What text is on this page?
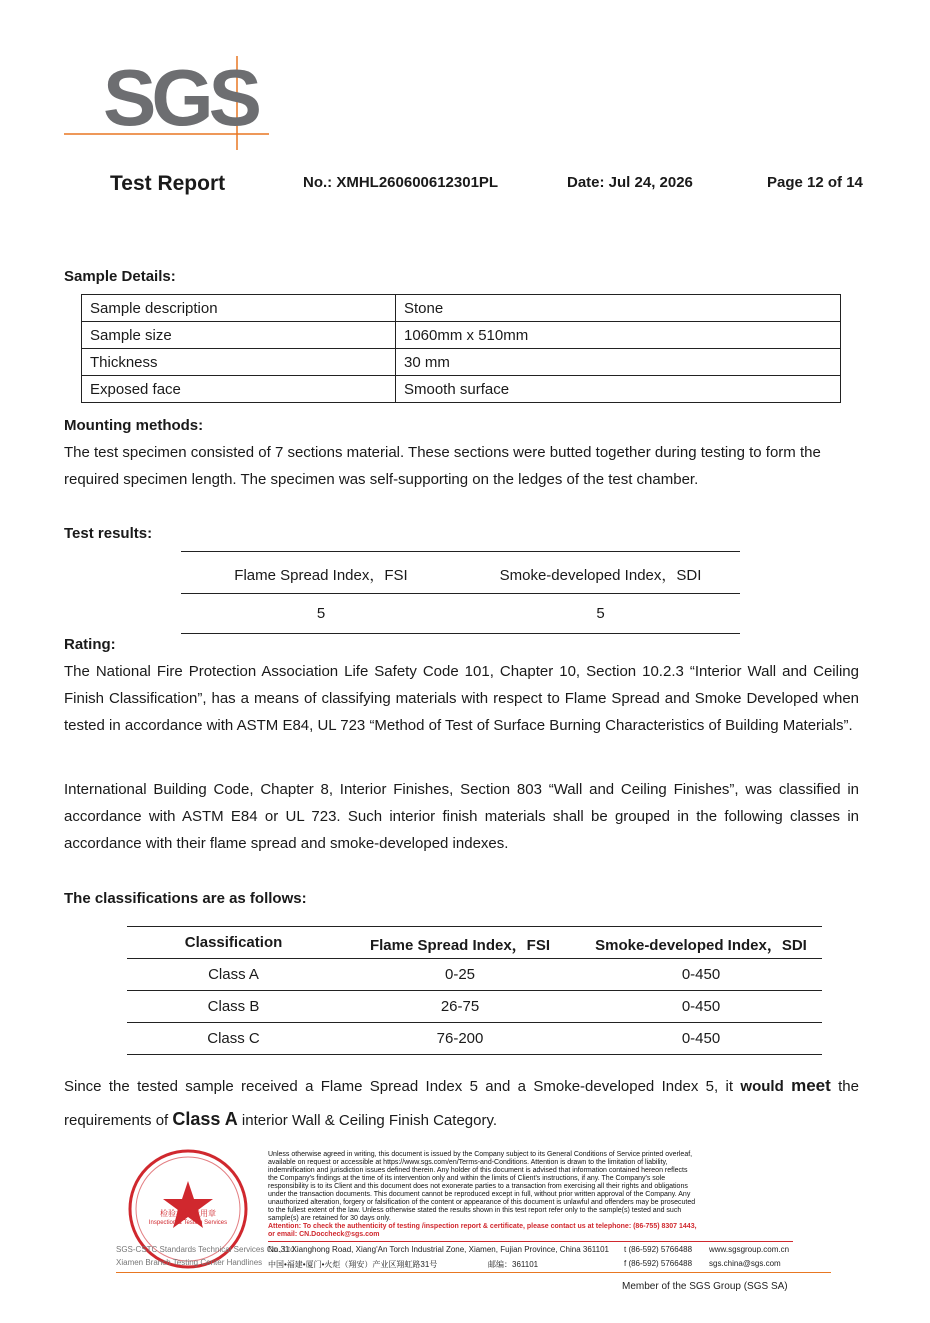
SGS
Test Report	No.: XMHL260600612301PL	Date: Jul 24, 2026	Page 12 of 14
Sample Details:
Sample description	Stone
Sample size	1060mm x 510mm
Thickness	30 mm
Exposed face	Smooth surface
Mounting methods:
The test specimen consisted of 7 sections material. These sections were butted together during testing to form the required specimen length. The specimen was self-supporting on the ledges of the test chamber.
Test results:
Flame Spread Index，FSI	Smoke-developed Index，SDI
5	5
Rating:
The National Fire Protection Association Life Safety Code 101, Chapter 10, Section 10.2.3 “Interior Wall and Ceiling Finish Classification”, has a means of classifying materials with respect to Flame Spread and Smoke Developed when tested in accordance with ASTM E84, UL 723 “Method of Test of Surface Burning Characteristics of Building Materials”.
International Building Code, Chapter 8, Interior Finishes, Section 803 “Wall and Ceiling Finishes”, was classified in accordance with ASTM E84 or UL 723. Such interior finish materials shall be grouped in the following classes in accordance with their flame spread and smoke-developed indexes.
The classifications are as follows:
Classification	Flame Spread Index，FSI	Smoke-developed Index，SDI
Class A	0-25	0-450
Class B	26-75	0-450
Class C	76-200	0-450
Since the tested sample received a Flame Spread Index 5 and a Smoke-developed Index 5, it would meet the
requirements of Class A interior Wall & Ceiling Finish Category.
检验检测专用章
Inspection & Testing Services
SGS-CSTC Standards Technical Services Co., Ltd.
Xiamen Branch Testing Center Handlines
Unless otherwise agreed in writing, this document is issued by the Company subject to its General Conditions of Service printed overleaf,
available on request or accessible at https://www.sgs.com/en/Terms-and-Conditions. Attention is drawn to the limitation of liability,
indemnification and jurisdiction issues defined therein. Any holder of this document is advised that information contained hereon reflects
the Company's findings at the time of its intervention only and within the limits of Client's instructions, if any. The Company's sole
responsibility is to its Client and this document does not exonerate parties to a transaction from exercising all their rights and obligations
under the transaction documents. This document cannot be reproduced except in full, without prior written approval of the Company. Any
unauthorized alteration, forgery or falsification of the content or appearance of this document is unlawful and offenders may be prosecuted
to the fullest extent of the law. Unless otherwise stated the results shown in this test report refer only to the sample(s) tested and such
sample(s) are retained for 30 days only.
Attention: To check the authenticity of testing /inspection report & certificate, please contact us at telephone: (86-755) 8307 1443,
or email: CN.Doccheck@sgs.com
No.31 Xianghong Road, Xiang'An Torch Industrial Zone, Xiamen, Fujian Province, China 361101 t (86-592) 5766488 www.sgsgroup.com.cn
中国•福建•厦门•火炬（翔安）产业区翔虹路31号	邮编：361101	f (86-592) 5766488 sgs.china@sgs.com
Member of the SGS Group (SGS SA)
